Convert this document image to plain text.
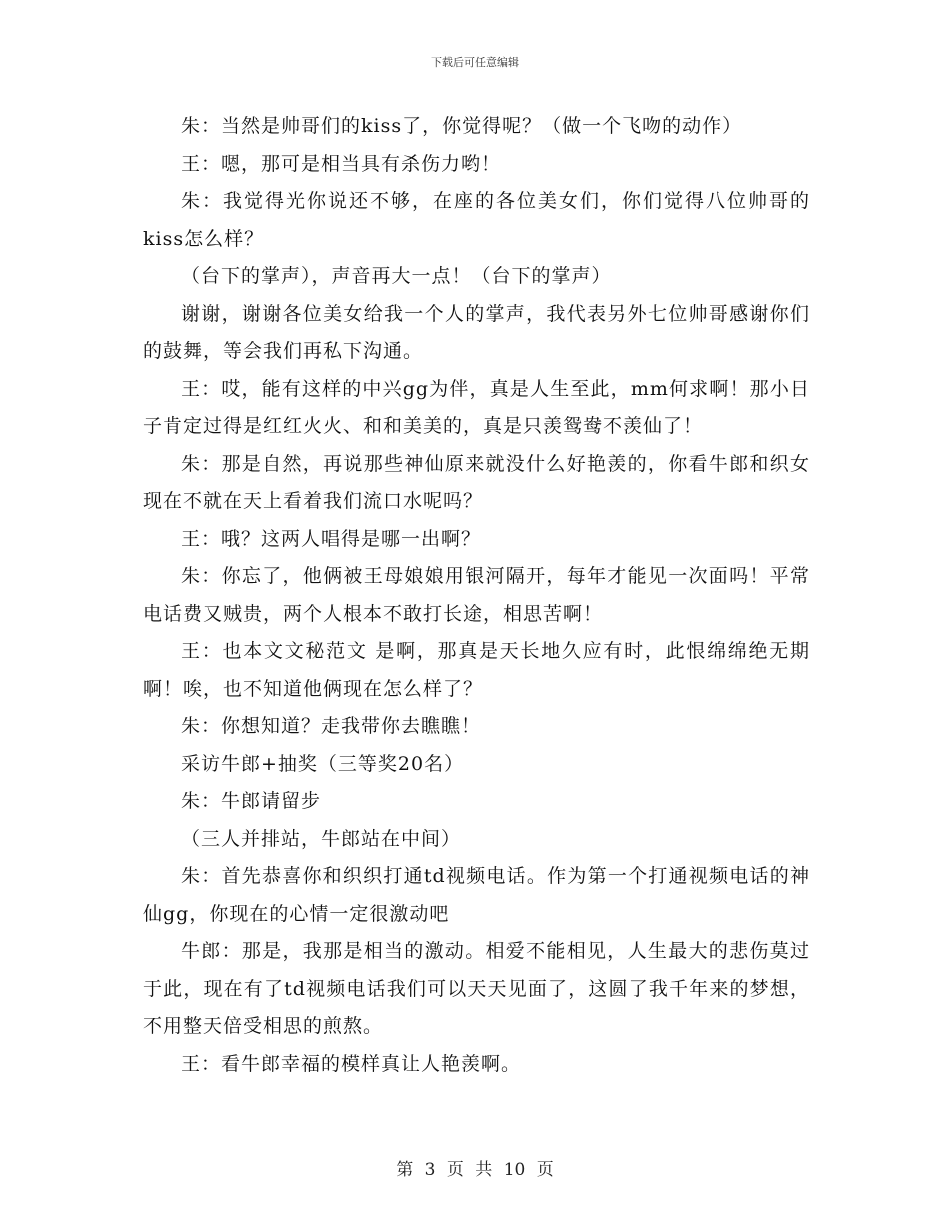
下载后可任意编辑

朱：当然是帅哥们的kiss了，你觉得呢？（做一个飞吻的动作）

王：嗯，那可是相当具有杀伤力哟！

朱：我觉得光你说还不够，在座的各位美女们，你们觉得八位帅哥的kiss怎么样？

（台下的掌声），声音再大一点！（台下的掌声）

谢谢，谢谢各位美女给我一个人的掌声，我代表另外七位帅哥感谢你们的鼓舞，等会我们再私下沟通。

王：哎，能有这样的中兴gg为伴，真是人生至此，mm何求啊！那小日子肯定过得是红红火火、和和美美的，真是只羡鸳鸯不羡仙了！

朱：那是自然，再说那些神仙原来就没什么好艳羡的，你看牛郎和织女现在不就在天上看着我们流口水呢吗？

王：哦？这两人唱得是哪一出啊？

朱：你忘了，他俩被王母娘娘用银河隔开，每年才能见一次面吗！平常电话费又贼贵，两个人根本不敢打长途，相思苦啊！

王：也本文文秘范文 是啊，那真是天长地久应有时，此恨绵绵绝无期啊！唉，也不知道他俩现在怎么样了？

朱：你想知道？走我带你去瞧瞧！

采访牛郎+抽奖（三等奖20名）

朱：牛郎请留步

（三人并排站，牛郎站在中间）

朱：首先恭喜你和织织打通td视频电话。作为第一个打通视频电话的神仙gg，你现在的心情一定很激动吧

牛郎：那是，我那是相当的激动。相爱不能相见，人生最大的悲伤莫过于此，现在有了td视频电话我们可以天天见面了，这圆了我千年来的梦想，不用整天倍受相思的煎熬。

王：看牛郎幸福的模样真让人艳羡啊。

第 3 页 共 10 页
